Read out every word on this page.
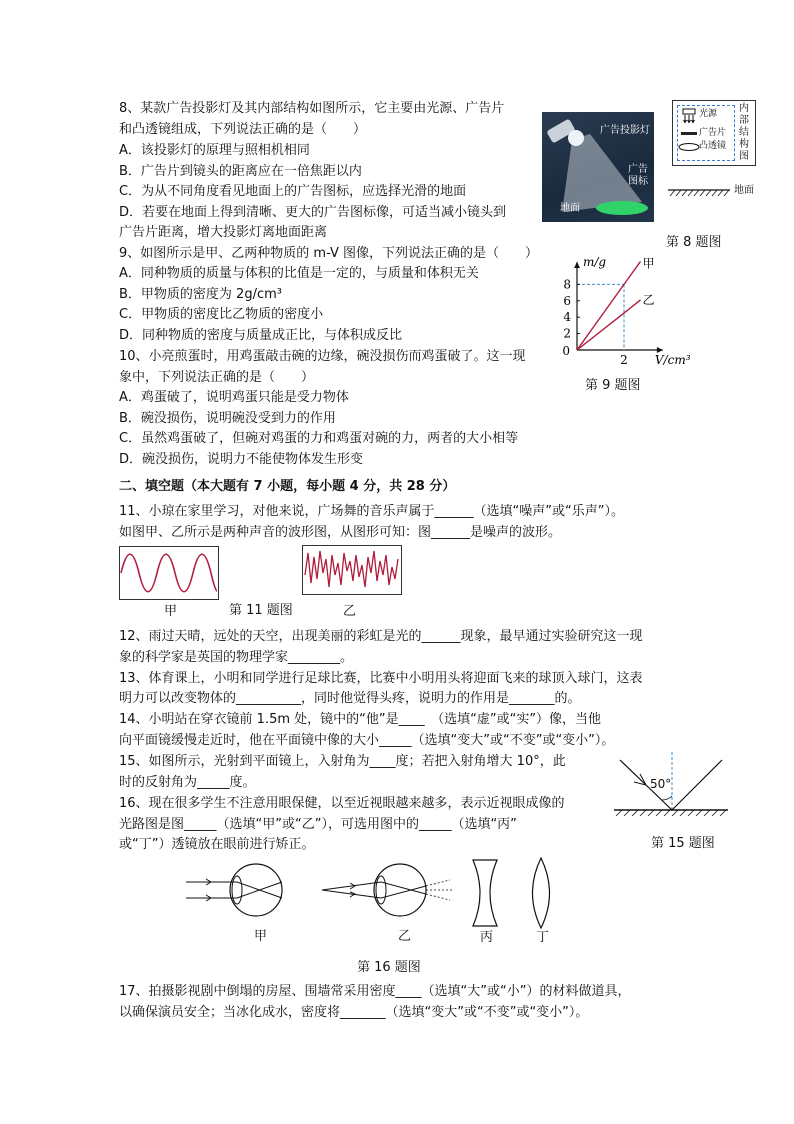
8、某款广告投影灯及其内部结构如图所示，它主要由光源、广告片
和凸透镜组成，下列说法正确的是（　　）
A．该投影灯的原理与照相机相同
B．广告片到镜头的距离应在一倍焦距以内
C．为从不同角度看见地面上的广告图标，应选择光滑的地面
D．若要在地面上得到清晰、更大的广告图标像，可适当减小镜头到
广告片距离，增大投影灯离地面距离
广告投影灯
广告
图标
地面
光源
广告片
凸透镜
内
部
结
构
图
地面
第 8 题图
9、如图所示是甲、乙两种物质的 m-V 图像，下列说法正确的是（　　）
A．同种物质的质量与体积的比值是一定的，与质量和体积无关
B．甲物质的密度为 2g/cm³
C．甲物质的密度比乙物质的密度小
D．同种物质的密度与质量成正比，与体积成反比	2
4
6
8
0
2
m/g
V/cm³
甲
乙
第 9 题图
10、小亮煎蛋时，用鸡蛋敲击碗的边缘，碗没损伤而鸡蛋破了。这一现
象中，下列说法正确的是（　　）
A．鸡蛋破了，说明鸡蛋只能是受力物体
B．碗没损伤，说明碗没受到力的作用
C．虽然鸡蛋破了，但碗对鸡蛋的力和鸡蛋对碗的力，两者的大小相等
D．碗没损伤，说明力不能使物体发生形变
二、填空题（本大题有 7 小题，每小题 4 分，共 28 分）
11、小琼在家里学习，对他来说，广场舞的音乐声属于______（选填“噪声”或“乐声”）。
如图甲、乙所示是两种声音的波形图，从图形可知：图______是噪声的波形。
甲	第 11 题图	乙
12、雨过天晴，远处的天空，出现美丽的彩虹是光的______现象，最早通过实验研究这一现
象的科学家是英国的物理学家________。
13、体育课上，小明和同学进行足球比赛，比赛中小明用头将迎面飞来的球顶入球门，这表
明力可以改变物体的__________，同时他觉得头疼，说明力的作用是_______的。
14、小明站在穿衣镜前 1.5m 处，镜中的“他”是____　（选填“虚”或“实”）像，当他
向平面镜缓慢走近时，他在平面镜中像的大小_____（选填“变大”或“不变”或“变小”）。
15、如图所示，光射到平面镜上，入射角为____度；若把入射角增大 10°，此
时的反射角为_____度。	50°
第 15 题图
16、现在很多学生不注意用眼保健，以至近视眼越来越多，表示近视眼成像的
光路图是图_____（选填“甲”或“乙”），可选用图中的_____（选填“丙”
或“丁”）透镜放在眼前进行矫正。
甲	乙	丙	丁
第 16 题图
17、拍摄影视剧中倒塌的房屋、围墙常采用密度____（选填“大”或“小”）的材料做道具，
以确保演员安全；当冰化成水，密度将_______（选填“变大”或“不变”或“变小”）。
